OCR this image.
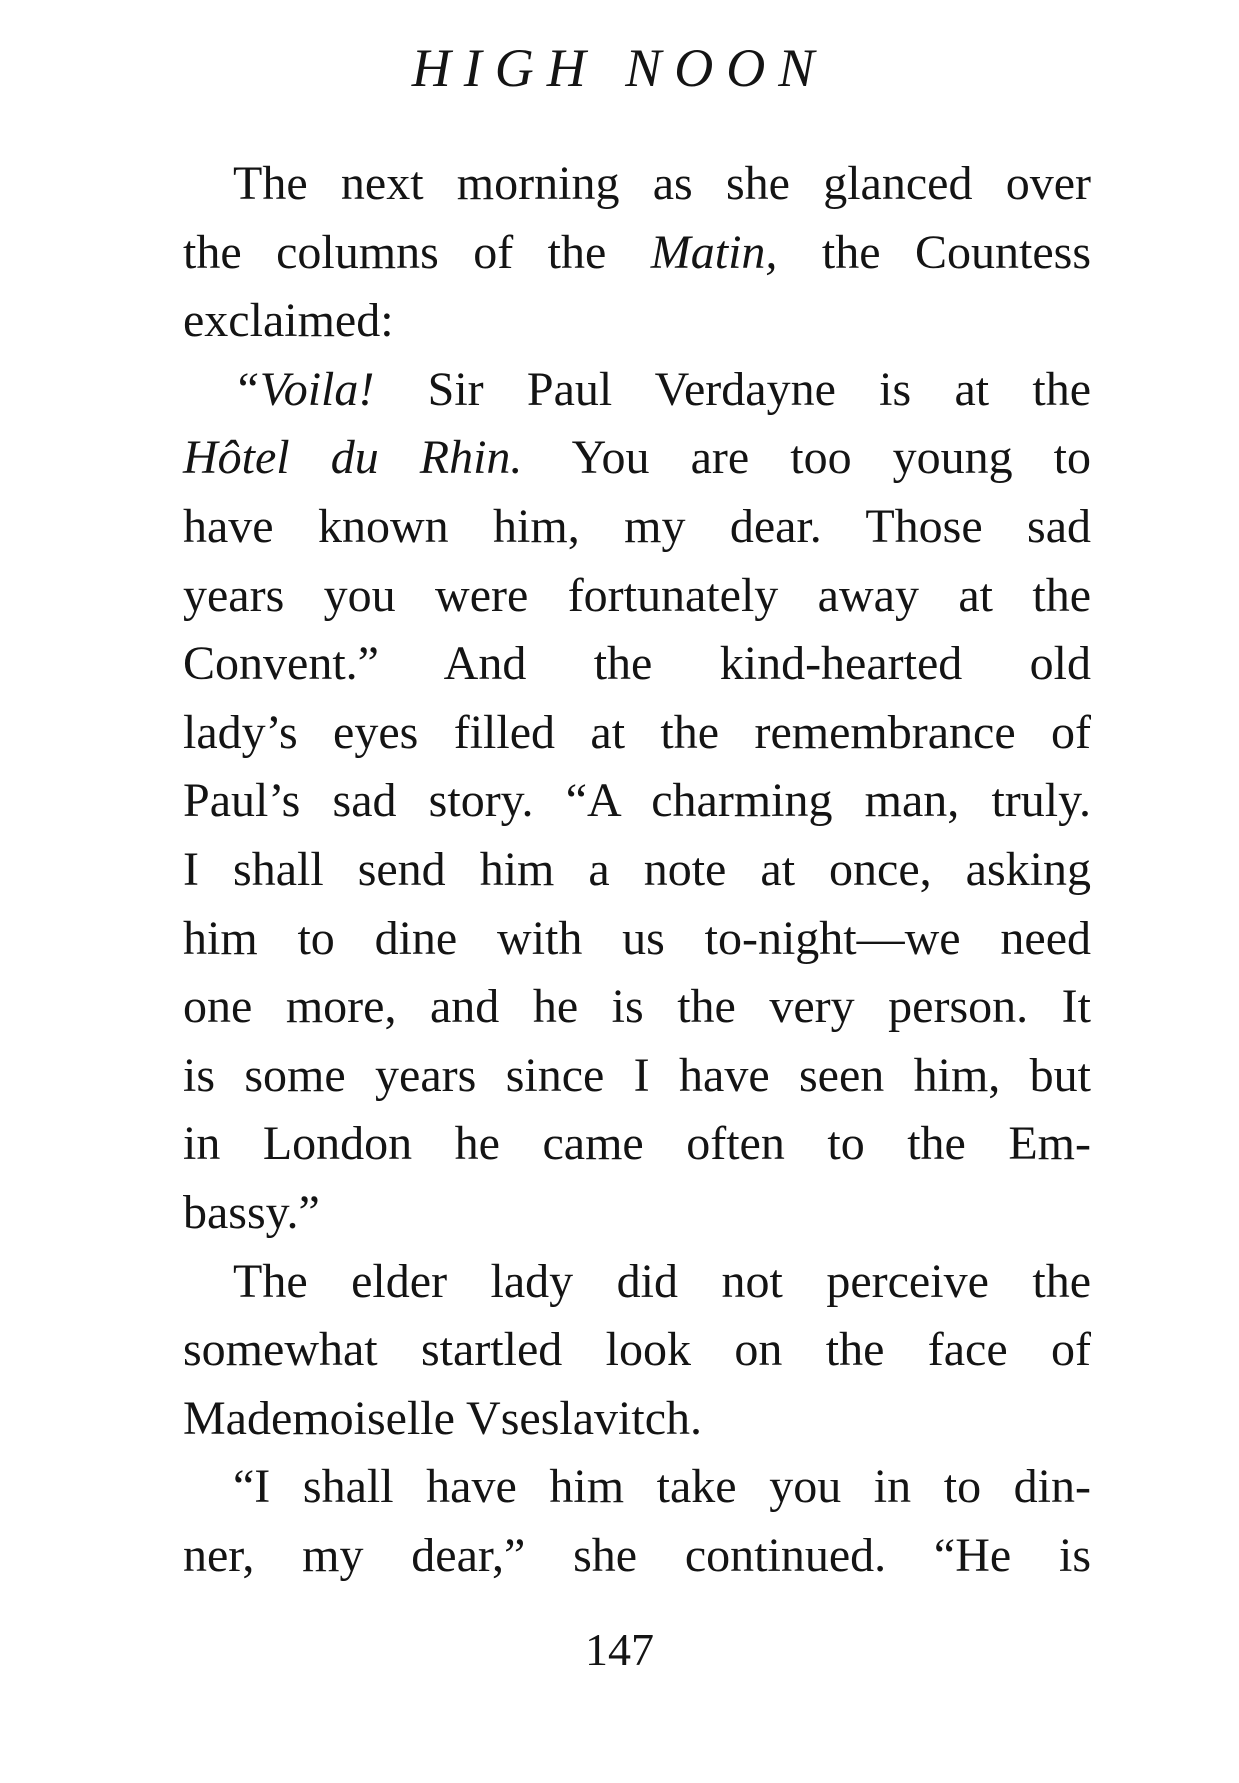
HIGH NOON
The next morning as she glanced over
the columns of the Matin, the Countess
exclaimed:
“Voila! Sir Paul Verdayne is at the
Hôtel du Rhin. You are too young to
have known him, my dear. Those sad
years you were fortunately away at the
Convent.” And the kind-hearted old
lady’s eyes filled at the remembrance of
Paul’s sad story. “A charming man, truly.
I shall send him a note at once, asking
him to dine with us to-night—we need
one more, and he is the very person. It
is some years since I have seen him, but
in London he came often to the Em-
bassy.”
The elder lady did not perceive the
somewhat startled look on the face of
Mademoiselle Vseslavitch.
“I shall have him take you in to din-
ner, my dear,” she continued. “He is
147
